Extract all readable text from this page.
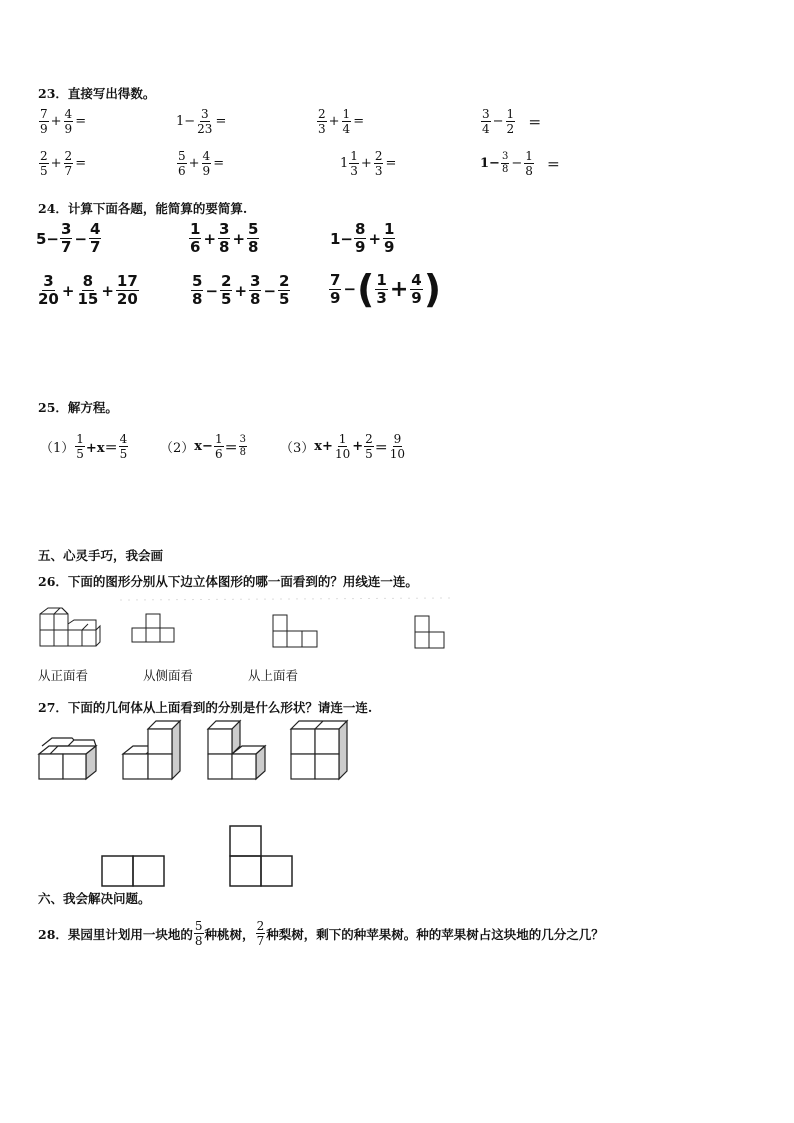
23．直接写出得数。
$\frac{7}{9} + \frac{4}{9}$ =	$1- \frac{3}{23}$ =	$\frac{2}{3} + \frac{1}{4}$ =	$\frac{3}{4} - \frac{1}{2}$ ＝
$\frac{2}{5} + \frac{2}{7}$ =	$\frac{5}{6} + \frac{4}{9}$ =	$1 \frac{1}{3} + \frac{2}{3}$ =	$1- \frac{3}{8} - \frac{1}{8}$ ＝
24．计算下面各题，能简算的要简算.
$5- \frac{3}{7} - \frac{4}{7}$	$\frac{1}{6} + \frac{3}{8} + \frac{5}{8}$	$1- \frac{8}{9} + \frac{1}{9}$
$\frac{3}{20} + \frac{8}{15} + \frac{17}{20}$	$\frac{5}{8} - \frac{2}{5} + \frac{3}{8} - \frac{2}{5}$	$\frac{7}{9}$ − ( $\frac{1}{3} + \frac{4}{9}$ )
25．解方程。
$(1) \frac{1}{5} +x= \frac{4}{5} (2)$ $x- \frac{1}{6} = \frac{3}{8}$	（3） $x+ \frac{1}{10} + \frac{2}{5} = \frac{9}{10}$
五、心灵手巧，我会画
26．下面的图形分别从下边立体图形的哪一面看到的？用线连一连。
从正面看	从侧面看	从上面看
27．下面的几何体从上面看到的分别是什么形状？请连一连.
六、我会解决问题。
28．果园里计划用一块地的 $\frac{5}{8}$ 种桃树， $\frac{2}{7}$ 种梨树，剩下的种苹果树。种的苹果树占这块地的几分之几？
